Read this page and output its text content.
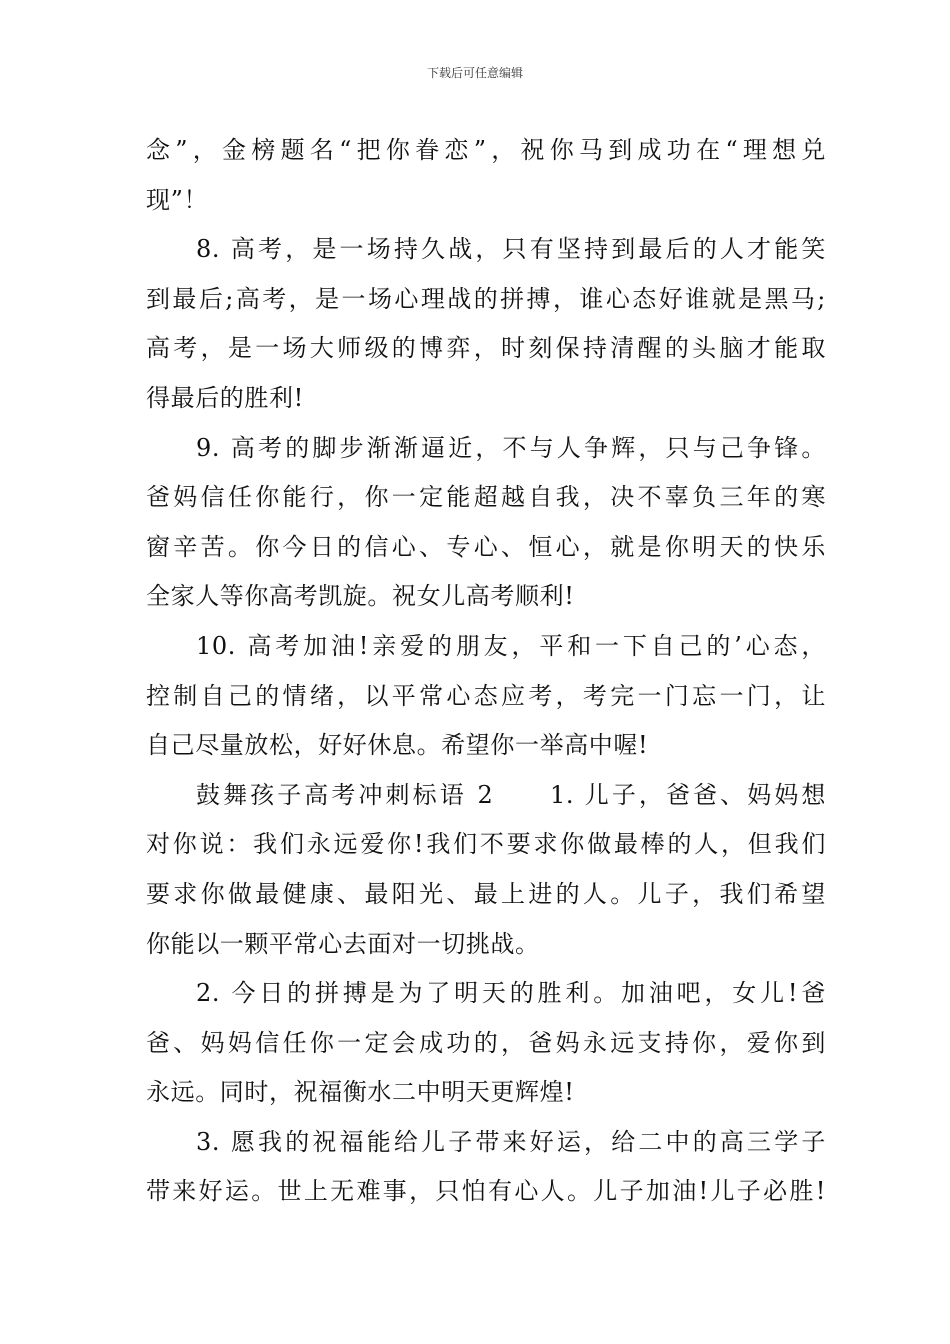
下载后可任意编辑
念”，金榜题名“把你眷恋”，祝你马到成功在“理想兑
现”！
8. 高考，是一场持久战，只有坚持到最后的人才能笑
到最后;高考，是一场心理战的拼搏，谁心态好谁就是黑马;
高考，是一场大师级的博弈，时刻保持清醒的头脑才能取
得最后的胜利!
9. 高考的脚步渐渐逼近，不与人争辉，只与己争锋。
爸妈信任你能行，你一定能超越自我，决不辜负三年的寒
窗辛苦。你今日的信心、专心、恒心，就是你明天的快乐
全家人等你高考凯旋。祝女儿高考顺利!
10. 高考加油!亲爱的朋友，平和一下自己的’心态，
控制自己的情绪，以平常心态应考，考完一门忘一门，让
自己尽量放松，好好休息。希望你一举高中喔!
鼓舞孩子高考冲刺标语 2　　1. 儿子，爸爸、妈妈想
对你说：我们永远爱你!我们不要求你做最棒的人，但我们
要求你做最健康、最阳光、最上进的人。儿子，我们希望
你能以一颗平常心去面对一切挑战。
2. 今日的拼搏是为了明天的胜利。加油吧，女儿!爸
爸、妈妈信任你一定会成功的，爸妈永远支持你，爱你到
永远。同时，祝福衡水二中明天更辉煌!
3. 愿我的祝福能给儿子带来好运，给二中的高三学子
带来好运。世上无难事，只怕有心人。儿子加油!儿子必胜!
